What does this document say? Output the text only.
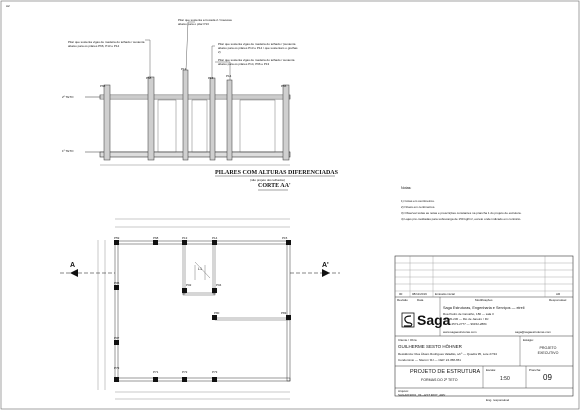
A2
Pilar que sustenta a trocada 2 / travessa abaixo para o pilar P13
Pilar que sustenta vigas de madeira do telhado / sustenta abaixo para os pilares P66, P13 e P14	Pilar que sustenta vigas de madeira do telhado / (sustenta abaixo para os pilares P13 e P14 / que sustentam o grelhas 2)
Pilar que sustenta vigas de madeira do telhado / sustenta abaixo para os pilares P14, P66 e P13
P66
P68
P13
P13	P14
P66
2º TETO
1º TETO
PILARES COM ALTURAS DIFERENCIADAS
(não projeto dos telhados)
CORTE AA'	Notas:
1) Cotas em centímetros.
2) Níveis em centímetros.
3) Observar todas as notas e prescrições constantes na prancha 1 do projeto de estrutura.
4) Lajes pré-moldadas para sobrecarga de 150 kgf/m², exceto onde indicado em contrário.
P59	P68	P13	P14	P15
P05	P02	P04
P80	P83
P07
P73
P71	P72	P73
L1
A	A'
00	08/11/2019	Emissão inicial	AR
Revisão	Data	Modificações	Responsável
Saga
Saga Estruturas, Engenharia e Serviços — eireli
Rua Pedro de Carvalho, 180 — sala 3
25.520-230 — Rio de Janeiro / RJ
Fone: 2571-2777 — 99152-2884
www.sagaestruturas.com	saga@sagaestruturas.com
Cliente / Obra
GUILHERME SESTO HÖHNER
Residência: Rua Álvaro Rodrigues Valadão, s/nº — Quadra 95, Lote 27/34
Condomínio — Niterói / RJ — CEP. 24.358-651
Estágio:
PROJETO EXECUTIVO
PROJETO DE ESTRUTURA
FORMAS DO 2º TETO
Escala:
1:50
Prancha:
09
Arquivo:
SAGA019001_03—EST.F007_ARV
Eng. responsável
